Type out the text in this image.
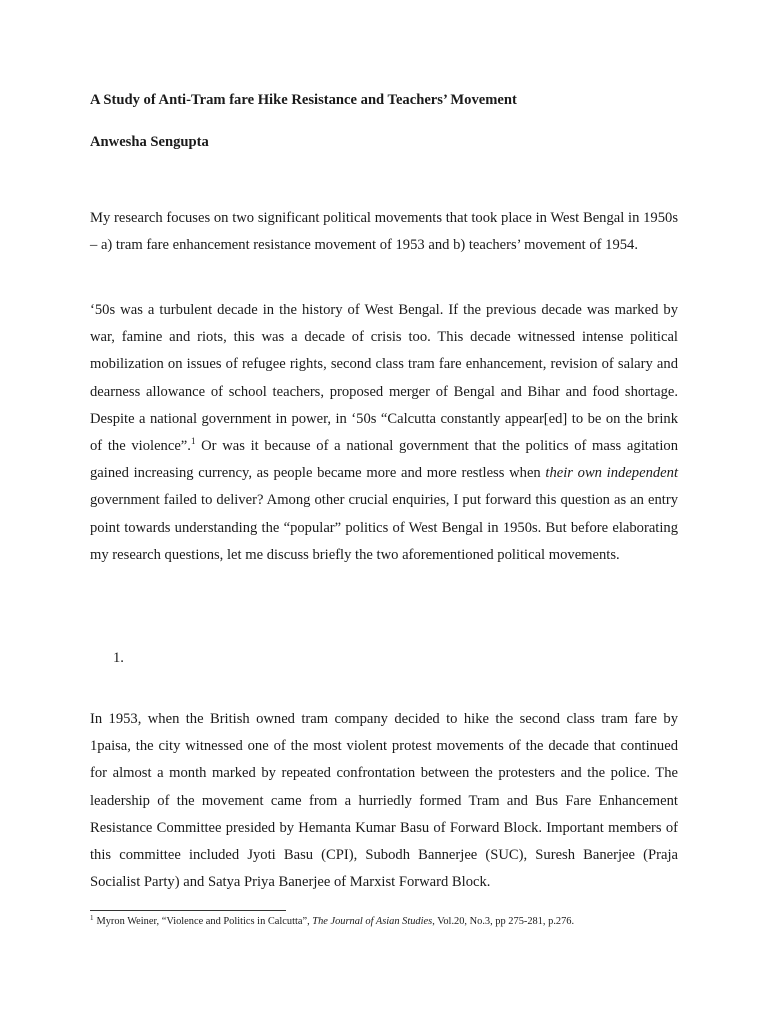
A Study of Anti-Tram fare Hike Resistance and Teachers’ Movement
Anwesha Sengupta

My research focuses on two significant political movements that took place in West Bengal in 1950s – a) tram fare enhancement resistance movement of 1953 and b) teachers’ movement of 1954.

‘50s was a turbulent decade in the history of West Bengal. If the previous decade was marked by war, famine and riots, this was a decade of crisis too. This decade witnessed intense political mobilization on issues of refugee rights, second class tram fare enhancement, revision of salary and dearness allowance of school teachers, proposed merger of Bengal and Bihar and food shortage. Despite a national government in power, in ‘50s “Calcutta constantly appear[ed] to be on the brink of the violence”.$^1$ Or was it because of a national government that the politics of mass agitation gained increasing currency, as people became more and more restless when their own independent government failed to deliver? Among other crucial enquiries, I put forward this question as an entry point towards understanding the “popular” politics of West Bengal in 1950s. But before elaborating my research questions, let me discuss briefly the two aforementioned political movements.

1.

In 1953, when the British owned tram company decided to hike the second class tram fare by 1paisa, the city witnessed one of the most violent protest movements of the decade that continued for almost a month marked by repeated confrontation between the protesters and the police. The leadership of the movement came from a hurriedly formed Tram and Bus Fare Enhancement Resistance Committee presided by Hemanta Kumar Basu of Forward Block. Important members of this committee included Jyoti Basu (CPI), Subodh Bannerjee (SUC), Suresh Banerjee (Praja Socialist Party) and Satya Priya Banerjee of Marxist Forward Block.

$^1$ Myron Weiner, “Violence and Politics in Calcutta”, The Journal of Asian Studies, Vol.20, No.3, pp 275-281, p.276.
